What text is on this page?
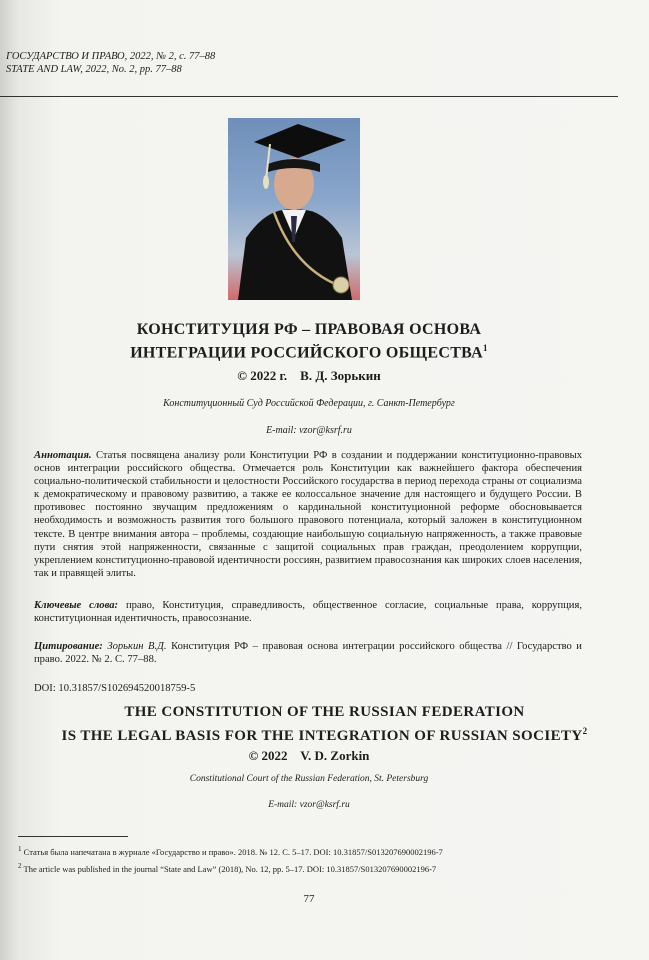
ГОСУДАРСТВО И ПРАВО, 2022, № 2, с. 77–88
STATE AND LAW, 2022, No. 2, pp. 77–88
КОНСТИТУЦИЯ РФ – ПРАВОВАЯ ОСНОВА
ИНТЕГРАЦИИ РОССИЙСКОГО ОБЩЕСТВА$^1$
© 2022 г. В. Д. Зорькин
Конституционный Суд Российской Федерации, г. Санкт-Петербург
E-mail: vzor@ksrf.ru
Аннотация. Статья посвящена анализу роли Конституции РФ в создании и поддержании конституционно-правовых основ интеграции российского общества. Отмечается роль Конституции как важнейшего фактора обеспечения социально-политической стабильности и целостности Российского государства в период перехода страны от социализма к демократическому и правовому развитию, а также ее колоссальное значение для настоящего и будущего России. В противовес постоянно звучащим предложениям о кардинальной конституционной реформе обосновывается необходимость и возможность развития того большого правового потенциала, который заложен в конституционном тексте. В центре внимания автора – проблемы, создающие наибольшую социальную напряженность, а также правовые пути снятия этой напряженности, связанные с защитой социальных прав граждан, преодолением коррупции, укреплением конституционно-правовой идентичности россиян, развитием правосознания как широких слоев населения, так и правящей элиты.
Ключевые слова: право, Конституция, справедливость, общественное согласие, социальные права, коррупция, конституционная идентичность, правосознание.
Цитирование: Зорькин В.Д. Конституция РФ – правовая основа интеграции российского общества // Государство и право. 2022. № 2. С. 77–88.
DOI: 10.31857/S102694520018759-5
THE CONSTITUTION OF THE RUSSIAN FEDERATION
IS THE LEGAL BASIS FOR THE INTEGRATION OF RUSSIAN SOCIETY$^2$
© 2022 V. D. Zorkin
Constitutional Court of the Russian Federation, St. Petersburg
E-mail: vzor@ksrf.ru
$^1$ Статья была напечатана в журнале «Государство и право». 2018. № 12. С. 5–17. DOI: 10.31857/S013207690002196-7
$^2$ The article was published in the journal “State and Law” (2018), No. 12, pp. 5–17. DOI: 10.31857/S013207690002196-7
77
